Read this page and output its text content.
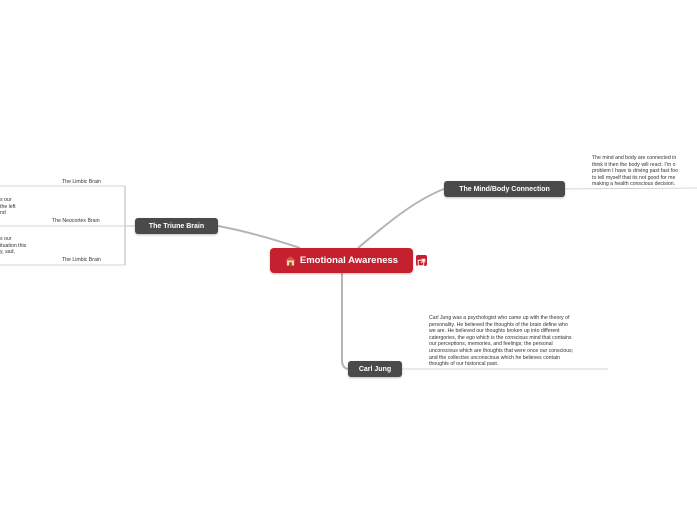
Emotional Awareness
The Triune Brain
The Mind/Body Connection
Carl Jung
The Limbic Brain
The Neocortex Brain
The Limbic Brain
s our
the left
nd
s our
ituation this
y, sad,
The mind and body are connected in
think it then the body will react. I'm o
problem I have is driving past fast foo
to tell myself that its not good for me
making a health conscious decision.
Carl Jung was a psychologist who came up with the theory of
personality. He believed the thoughts of the brain define who
we are. He believed our thoughts broken up into different
catergories, the ego which is the conscious mind that contains
our perceptions, memories, and feelings; the personal
unconscious which are thoughts that were once our conscious;
and the collective unconscious which he believes contain
thoughts of our historical past.
